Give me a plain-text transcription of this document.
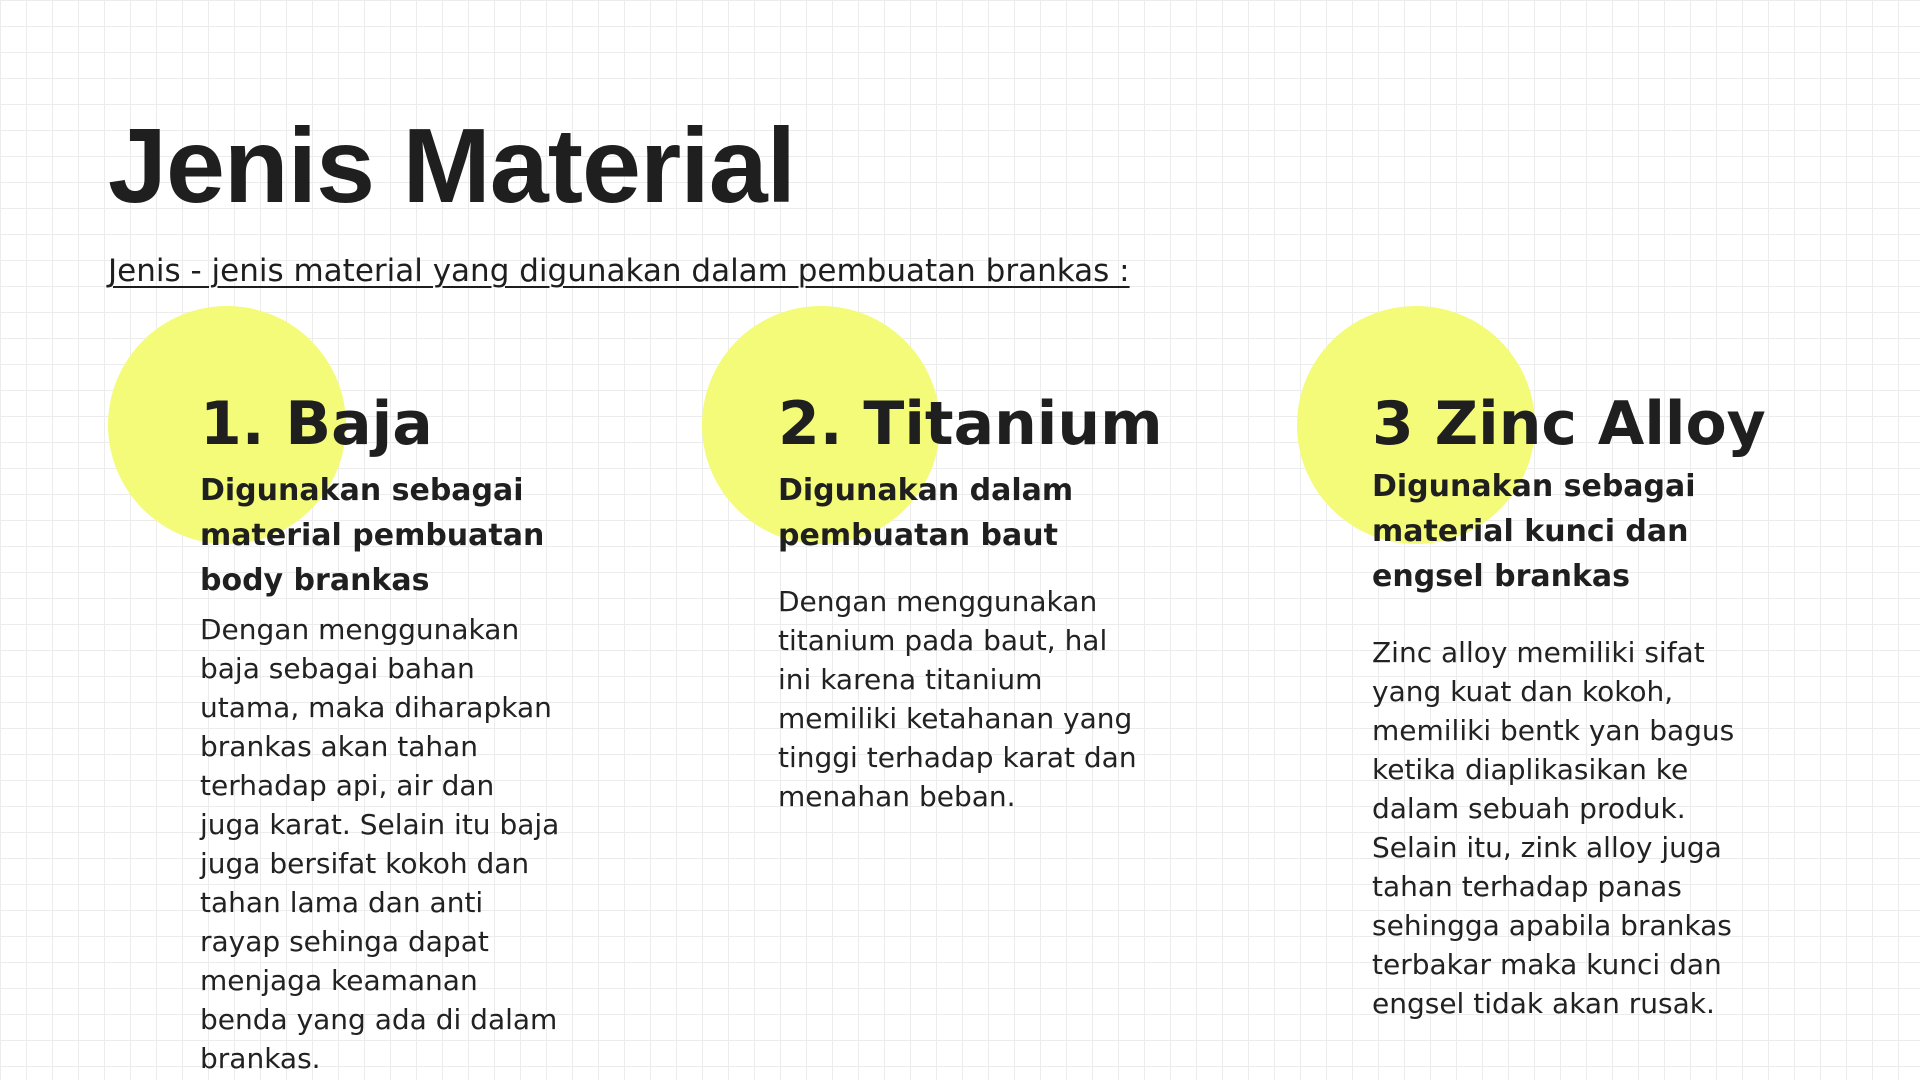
Jenis Material

Jenis - jenis material yang digunakan dalam pembuatan brankas :

1. Baja

Digunakan sebagai material pembuatan body brankas

Dengan menggunakan baja sebagai bahan utama, maka diharapkan brankas akan tahan terhadap api, air dan juga karat. Selain itu baja juga bersifat kokoh dan tahan lama dan anti rayap sehinga dapat menjaga keamanan benda yang ada di dalam brankas.

2. Titanium

Digunakan dalam pembuatan baut

Dengan menggunakan titanium pada baut, hal ini karena titanium memiliki ketahanan yang tinggi terhadap karat dan menahan beban.

3 Zinc Alloy

Digunakan sebagai material kunci dan engsel brankas

Zinc alloy memiliki sifat yang kuat dan kokoh, memiliki bentk yan bagus ketika diaplikasikan ke dalam sebuah produk. Selain itu, zink alloy juga tahan terhadap panas sehingga apabila brankas terbakar maka kunci dan engsel tidak akan rusak.
